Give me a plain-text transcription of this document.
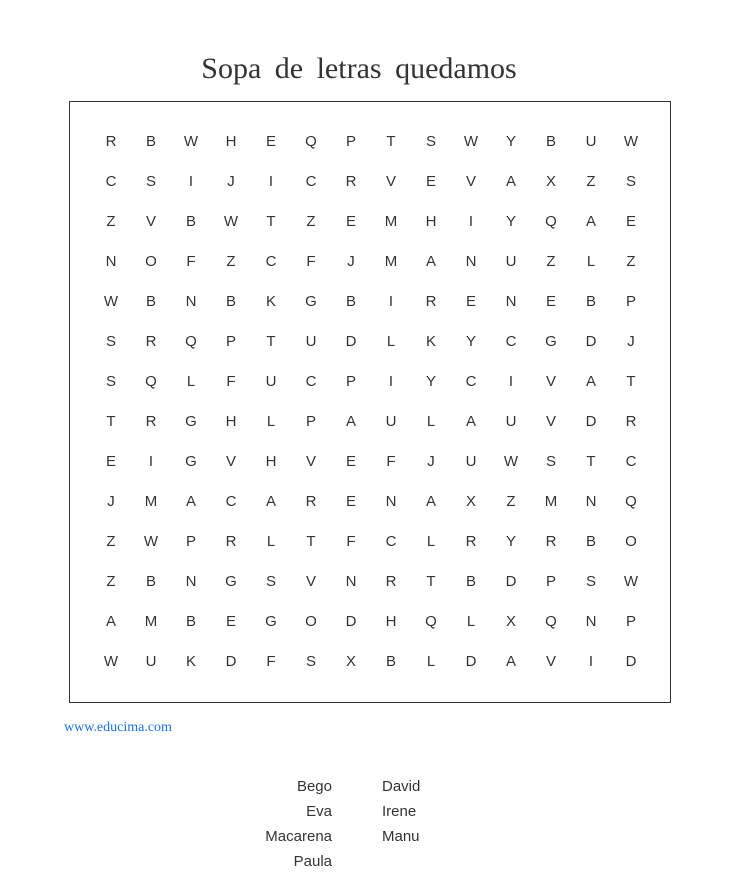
Sopa de letras quedamos
R	B	W	H	E	Q	P	T	S	W	Y	B	U	W
C	S	I	J	I	C	R	V	E	V	A	X	Z	S
Z	V	B	W	T	Z	E	M	H	I	Y	Q	A	E
N	O	F	Z	C	F	J	M	A	N	U	Z	L	Z
W	B	N	B	K	G	B	I	R	E	N	E	B	P
S	R	Q	P	T	U	D	L	K	Y	C	G	D	J
S	Q	L	F	U	C	P	I	Y	C	I	V	A	T
T	R	G	H	L	P	A	U	L	A	U	V	D	R
E	I	G	V	H	V	E	F	J	U	W	S	T	C
J	M	A	C	A	R	E	N	A	X	Z	M	N	Q
Z	W	P	R	L	T	F	C	L	R	Y	R	B	O
Z	B	N	G	S	V	N	R	T	B	D	P	S	W
A	M	B	E	G	O	D	H	Q	L	X	Q	N	P
W	U	K	D	F	S	X	B	L	D	A	V	I	D
www.educima.com
Bego
Eva
Macarena
Paula
David
Irene
Manu
